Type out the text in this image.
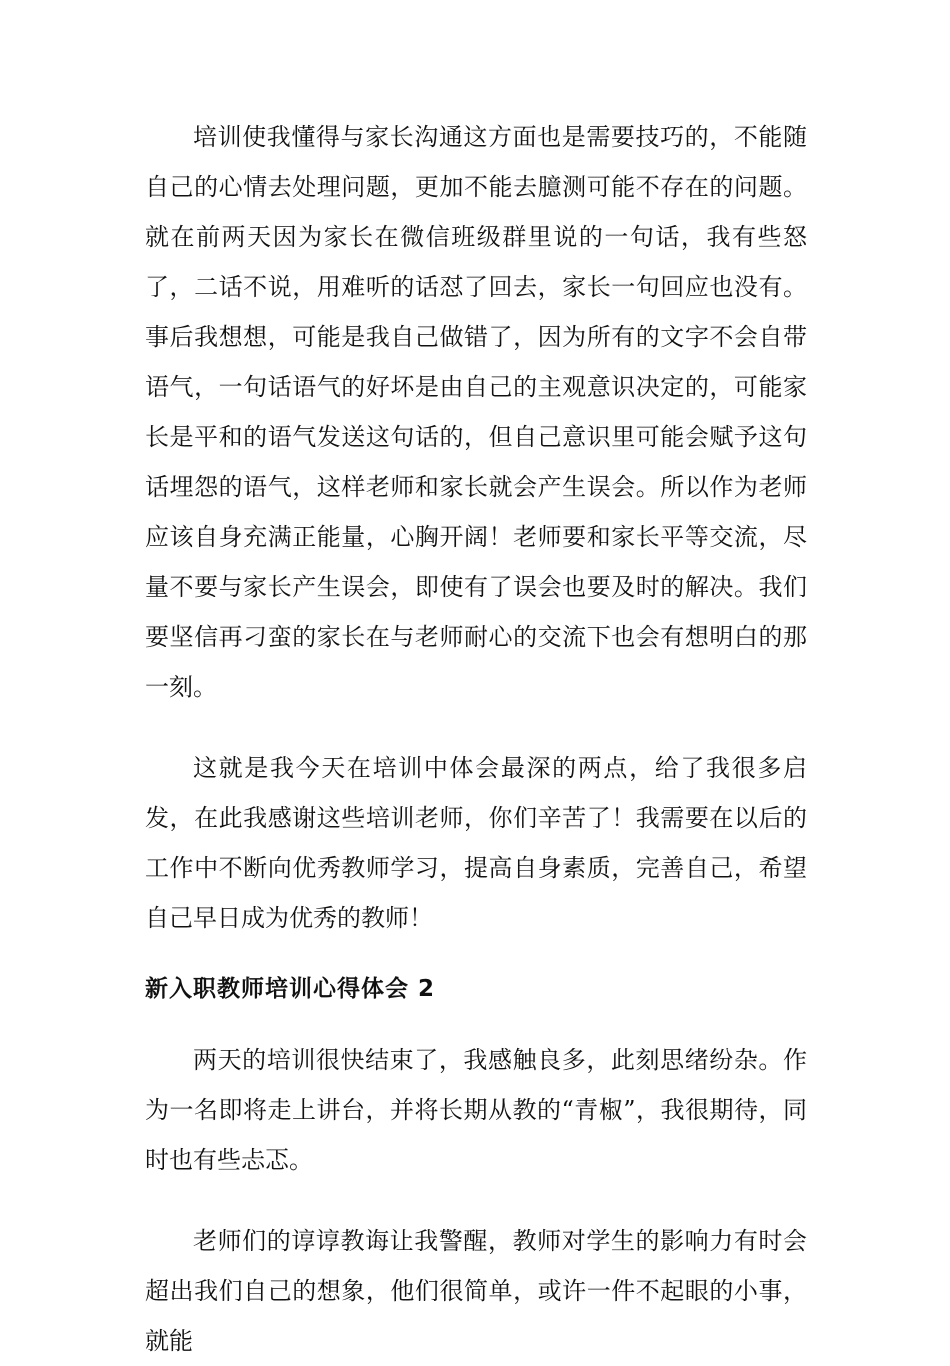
培训使我懂得与家长沟通这方面也是需要技巧的，不能随自己的心情去处理问题，更加不能去臆测可能不存在的问题。就在前两天因为家长在微信班级群里说的一句话，我有些怒了，二话不说，用难听的话怼了回去，家长一句回应也没有。事后我想想，可能是我自己做错了，因为所有的文字不会自带语气，一句话语气的好坏是由自己的主观意识决定的，可能家长是平和的语气发送这句话的，但自己意识里可能会赋予这句话埋怨的语气，这样老师和家长就会产生误会。所以作为老师应该自身充满正能量，心胸开阔！老师要和家长平等交流，尽量不要与家长产生误会，即使有了误会也要及时的解决。我们要坚信再刁蛮的家长在与老师耐心的交流下也会有想明白的那一刻。

这就是我今天在培训中体会最深的两点，给了我很多启发，在此我感谢这些培训老师，你们辛苦了！我需要在以后的工作中不断向优秀教师学习，提高自身素质，完善自己，希望自己早日成为优秀的教师！

新入职教师培训心得体会 2

两天的培训很快结束了，我感触良多，此刻思绪纷杂。作为一名即将走上讲台，并将长期从教的“青椒”，我很期待，同时也有些忐忑。

老师们的谆谆教诲让我警醒，教师对学生的影响力有时会超出我们自己的想象，他们很简单，或许一件不起眼的小事，就能
